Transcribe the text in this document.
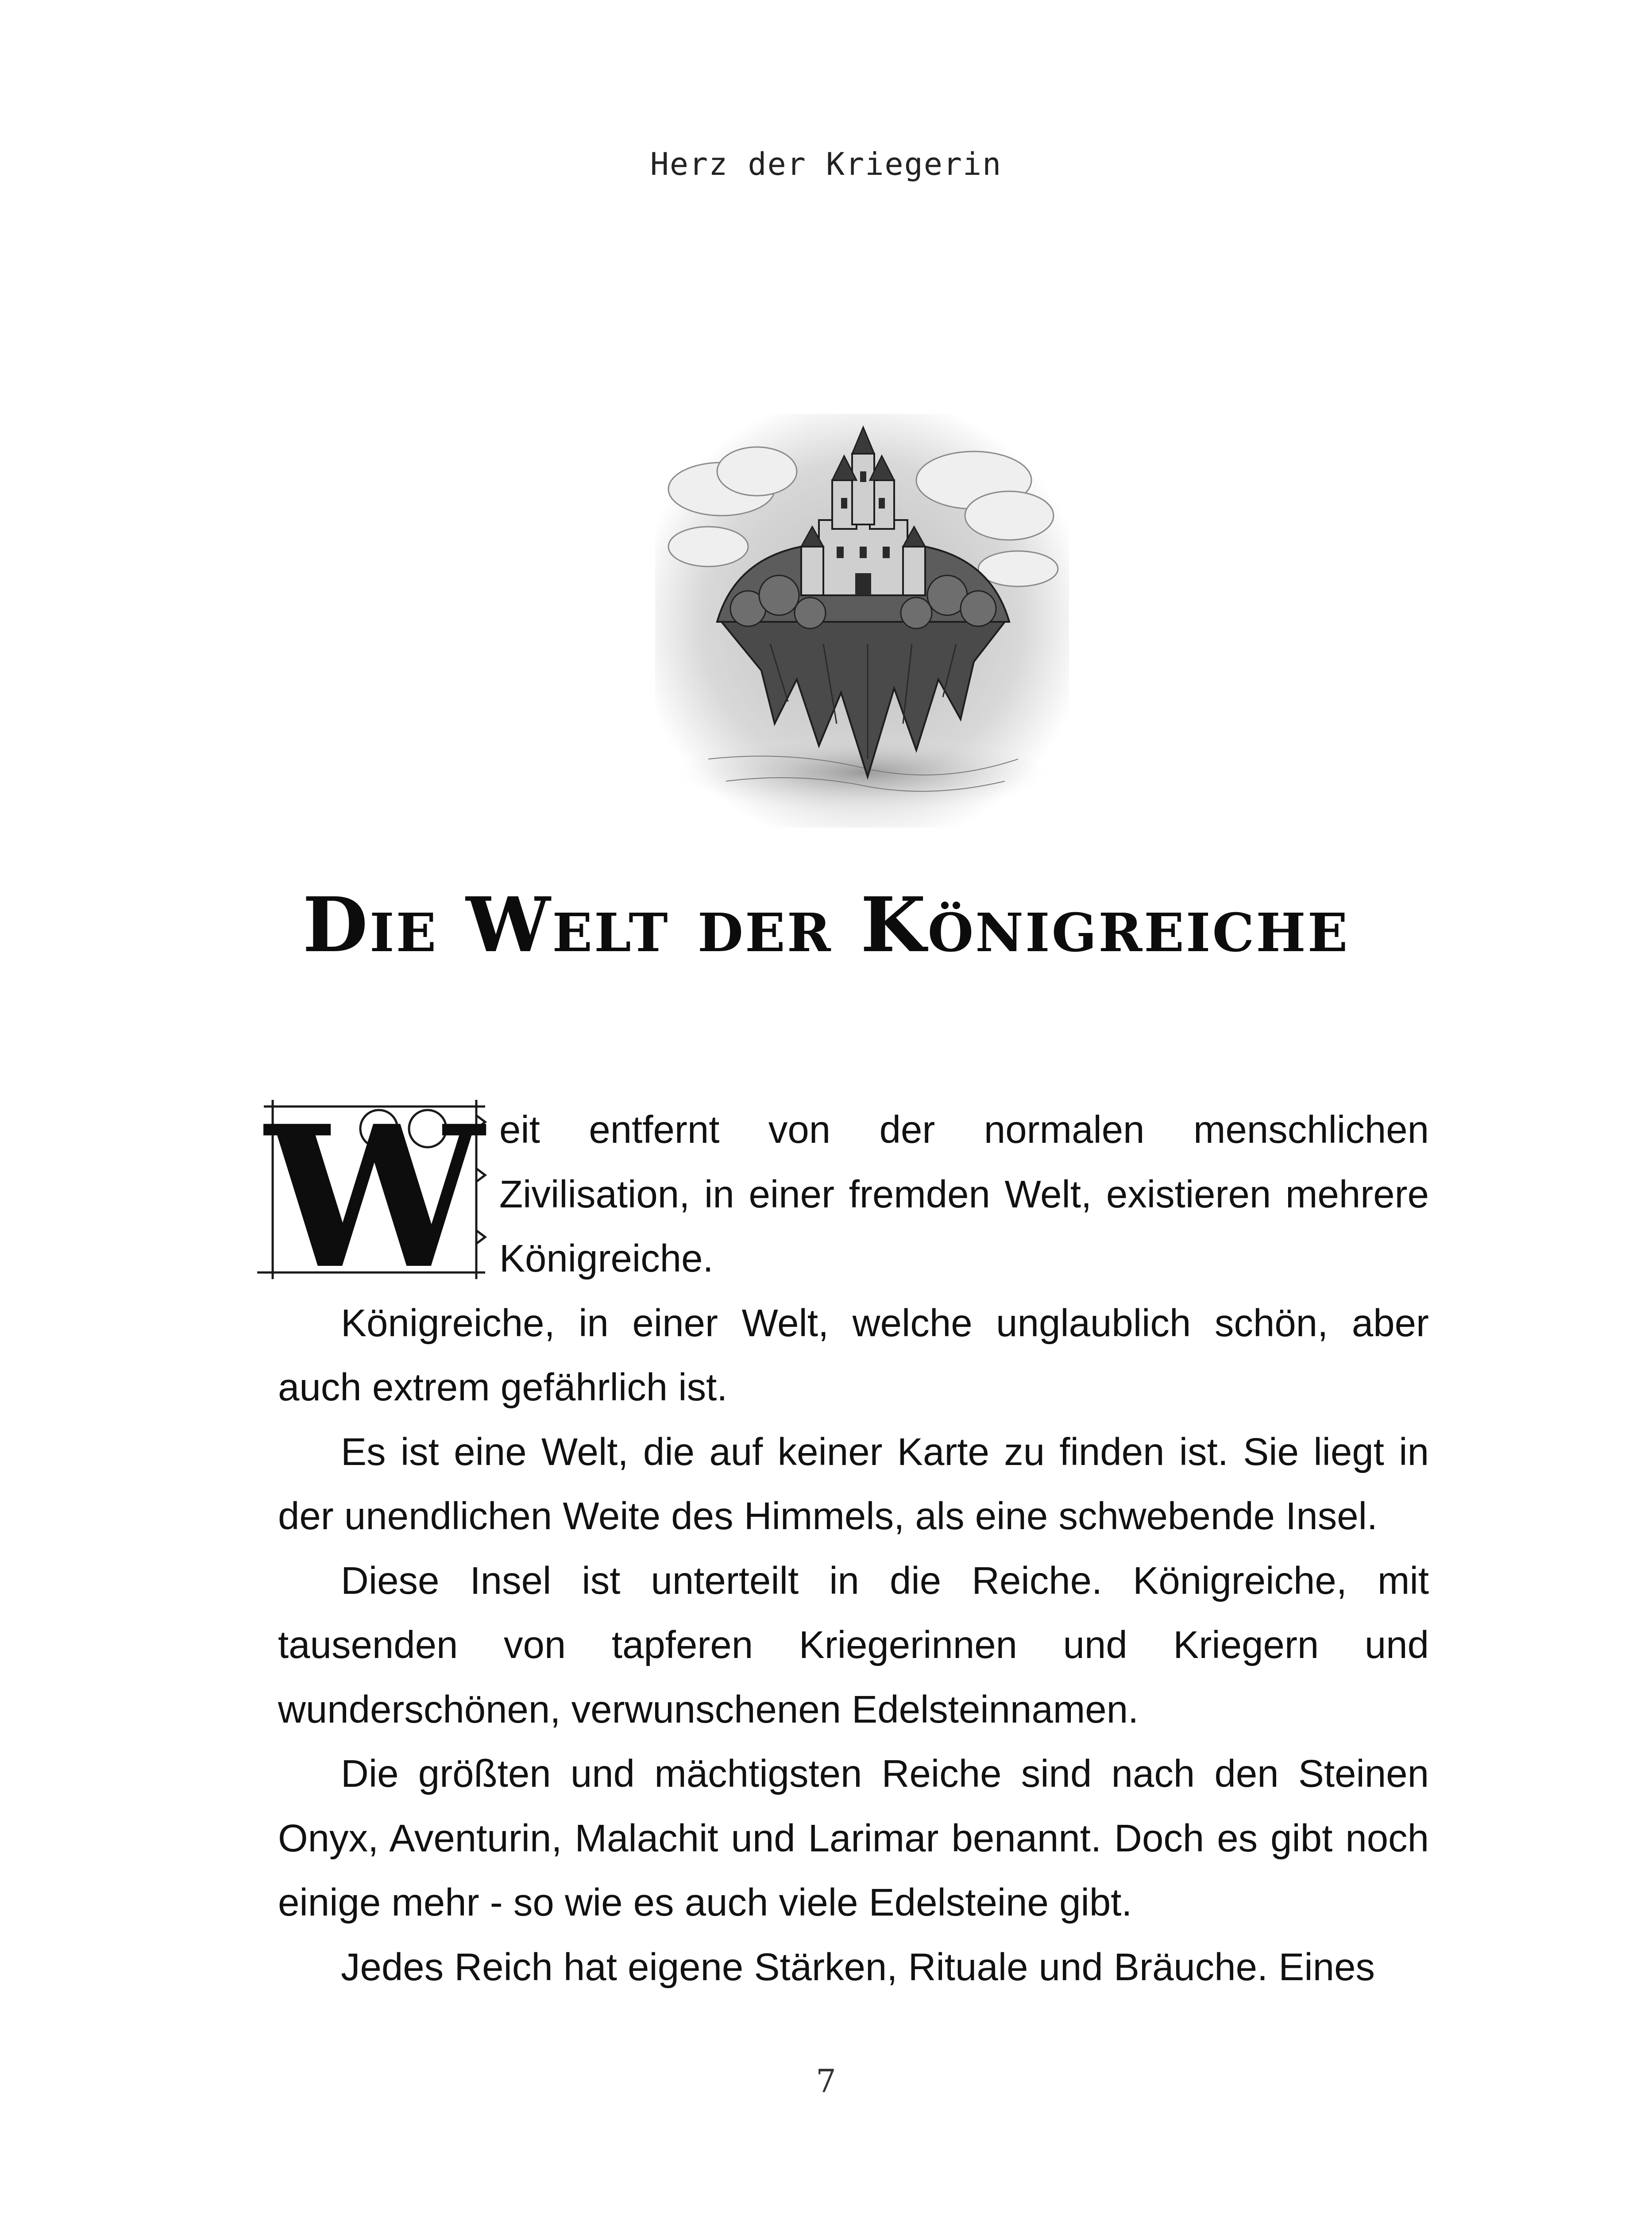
Herz der Kriegerin
Die Welt der Königreiche
W eit entfernt von der normalen menschlichen Zivilisation, in einer fremden Welt, existieren mehrere Königreiche.

Königreiche, in einer Welt, welche unglaublich schön, aber auch extrem gefährlich ist.

Es ist eine Welt, die auf keiner Karte zu finden ist. Sie liegt in der unendlichen Weite des Himmels, als eine schwebende Insel.

Diese Insel ist unterteilt in die Reiche. Königreiche, mit tausenden von tapferen Kriegerinnen und Kriegern und wunderschönen, verwunschenen Edelsteinnamen.

Die größten und mächtigsten Reiche sind nach den Steinen Onyx, Aventurin, Malachit und Larimar benannt. Doch es gibt noch einige mehr - so wie es auch viele Edelsteine gibt.

Jedes Reich hat eigene Stärken, Rituale und Bräuche. Eines

7
